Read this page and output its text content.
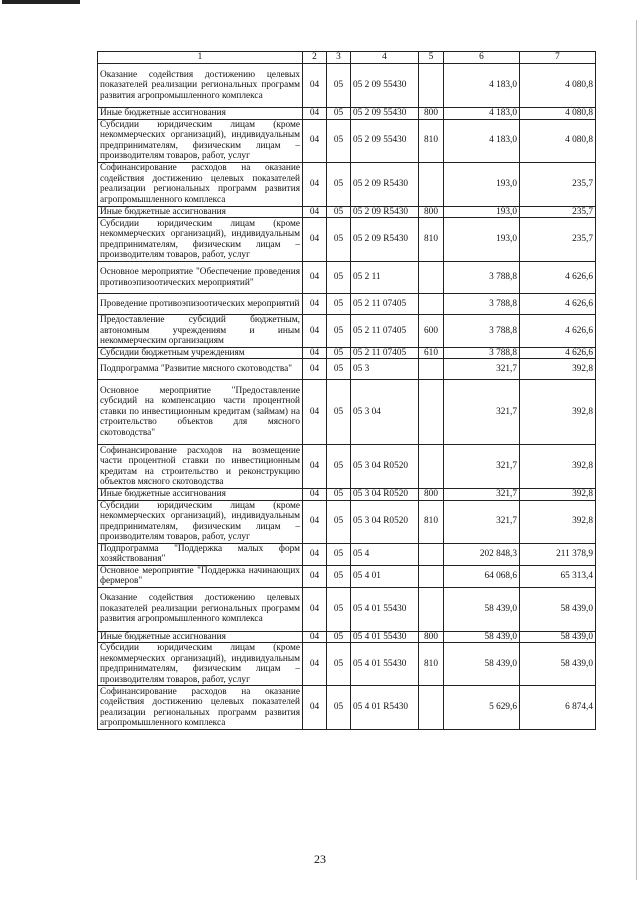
1	2	3	4	5	6	7
Оказание содействия достижению целевых показателей реализации региональных программ развития агропромышленного комплекса	04	05	05 2 09 55430		4 183,0	4 080,8
Иные бюджетные ассигнования	04	05	05 2 09 55430	800	4 183,0	4 080,8
Субсидии юридическим лицам (кроме некоммерческих организаций), индивидуальным предпринимателям, физическим лицам – производителям товаров, работ, услуг	04	05	05 2 09 55430	810	4 183,0	4 080,8
Софинансирование расходов на оказание содействия достижению целевых показателей реализации региональных программ развития агропромышленного комплекса	04	05	05 2 09 R5430		193,0	235,7
Иные бюджетные ассигнования	04	05	05 2 09 R5430	800	193,0	235,7
Субсидии юридическим лицам (кроме некоммерческих организаций), индивидуальным предпринимателям, физическим лицам – производителям товаров, работ, услуг	04	05	05 2 09 R5430	810	193,0	235,7
Основное мероприятие "Обеспечение проведения противоэпизоотических мероприятий"	04	05	05 2 11		3 788,8	4 626,6
Проведение противоэпизоотических мероприятий	04	05	05 2 11 07405		3 788,8	4 626,6
Предоставление субсидий бюджетным, автономным учреждениям и иным некоммерческим организациям	04	05	05 2 11 07405	600	3 788,8	4 626,6
Субсидии бюджетным учреждениям	04	05	05 2 11 07405	610	3 788,8	4 626,6
Подпрограмма "Развитие мясного скотоводства"	04	05	05 3		321,7	392,8
Основное мероприятие "Предоставление субсидий на компенсацию части процентной ставки по инвестиционным кредитам (займам) на строительство объектов для мясного скотоводства"	04	05	05 3 04		321,7	392,8
Софинансирование расходов на возмещение части процентной ставки по инвестиционным кредитам на строительство и реконструкцию объектов мясного скотоводства	04	05	05 3 04 R0520		321,7	392,8
Иные бюджетные ассигнования	04	05	05 3 04 R0520	800	321,7	392,8
Субсидии юридическим лицам (кроме некоммерческих организаций), индивидуальным предпринимателям, физическим лицам – производителям товаров, работ, услуг	04	05	05 3 04 R0520	810	321,7	392,8
Подпрограмма "Поддержка малых форм хозяйствования"	04	05	05 4		202 848,3	211 378,9
Основное мероприятие "Поддержка начинающих фермеров"	04	05	05 4 01		64 068,6	65 313,4
Оказание содействия достижению целевых показателей реализации региональных программ развития агропромышленного комплекса	04	05	05 4 01 55430		58 439,0	58 439,0
Иные бюджетные ассигнования	04	05	05 4 01 55430	800	58 439,0	58 439,0
Субсидии юридическим лицам (кроме некоммерческих организаций), индивидуальным предпринимателям, физическим лицам – производителям товаров, работ, услуг	04	05	05 4 01 55430	810	58 439,0	58 439,0
Софинансирование расходов на оказание содействия достижению целевых показателей реализации региональных программ развития агропромышленного комплекса	04	05	05 4 01 R5430		5 629,6	6 874,4
23
